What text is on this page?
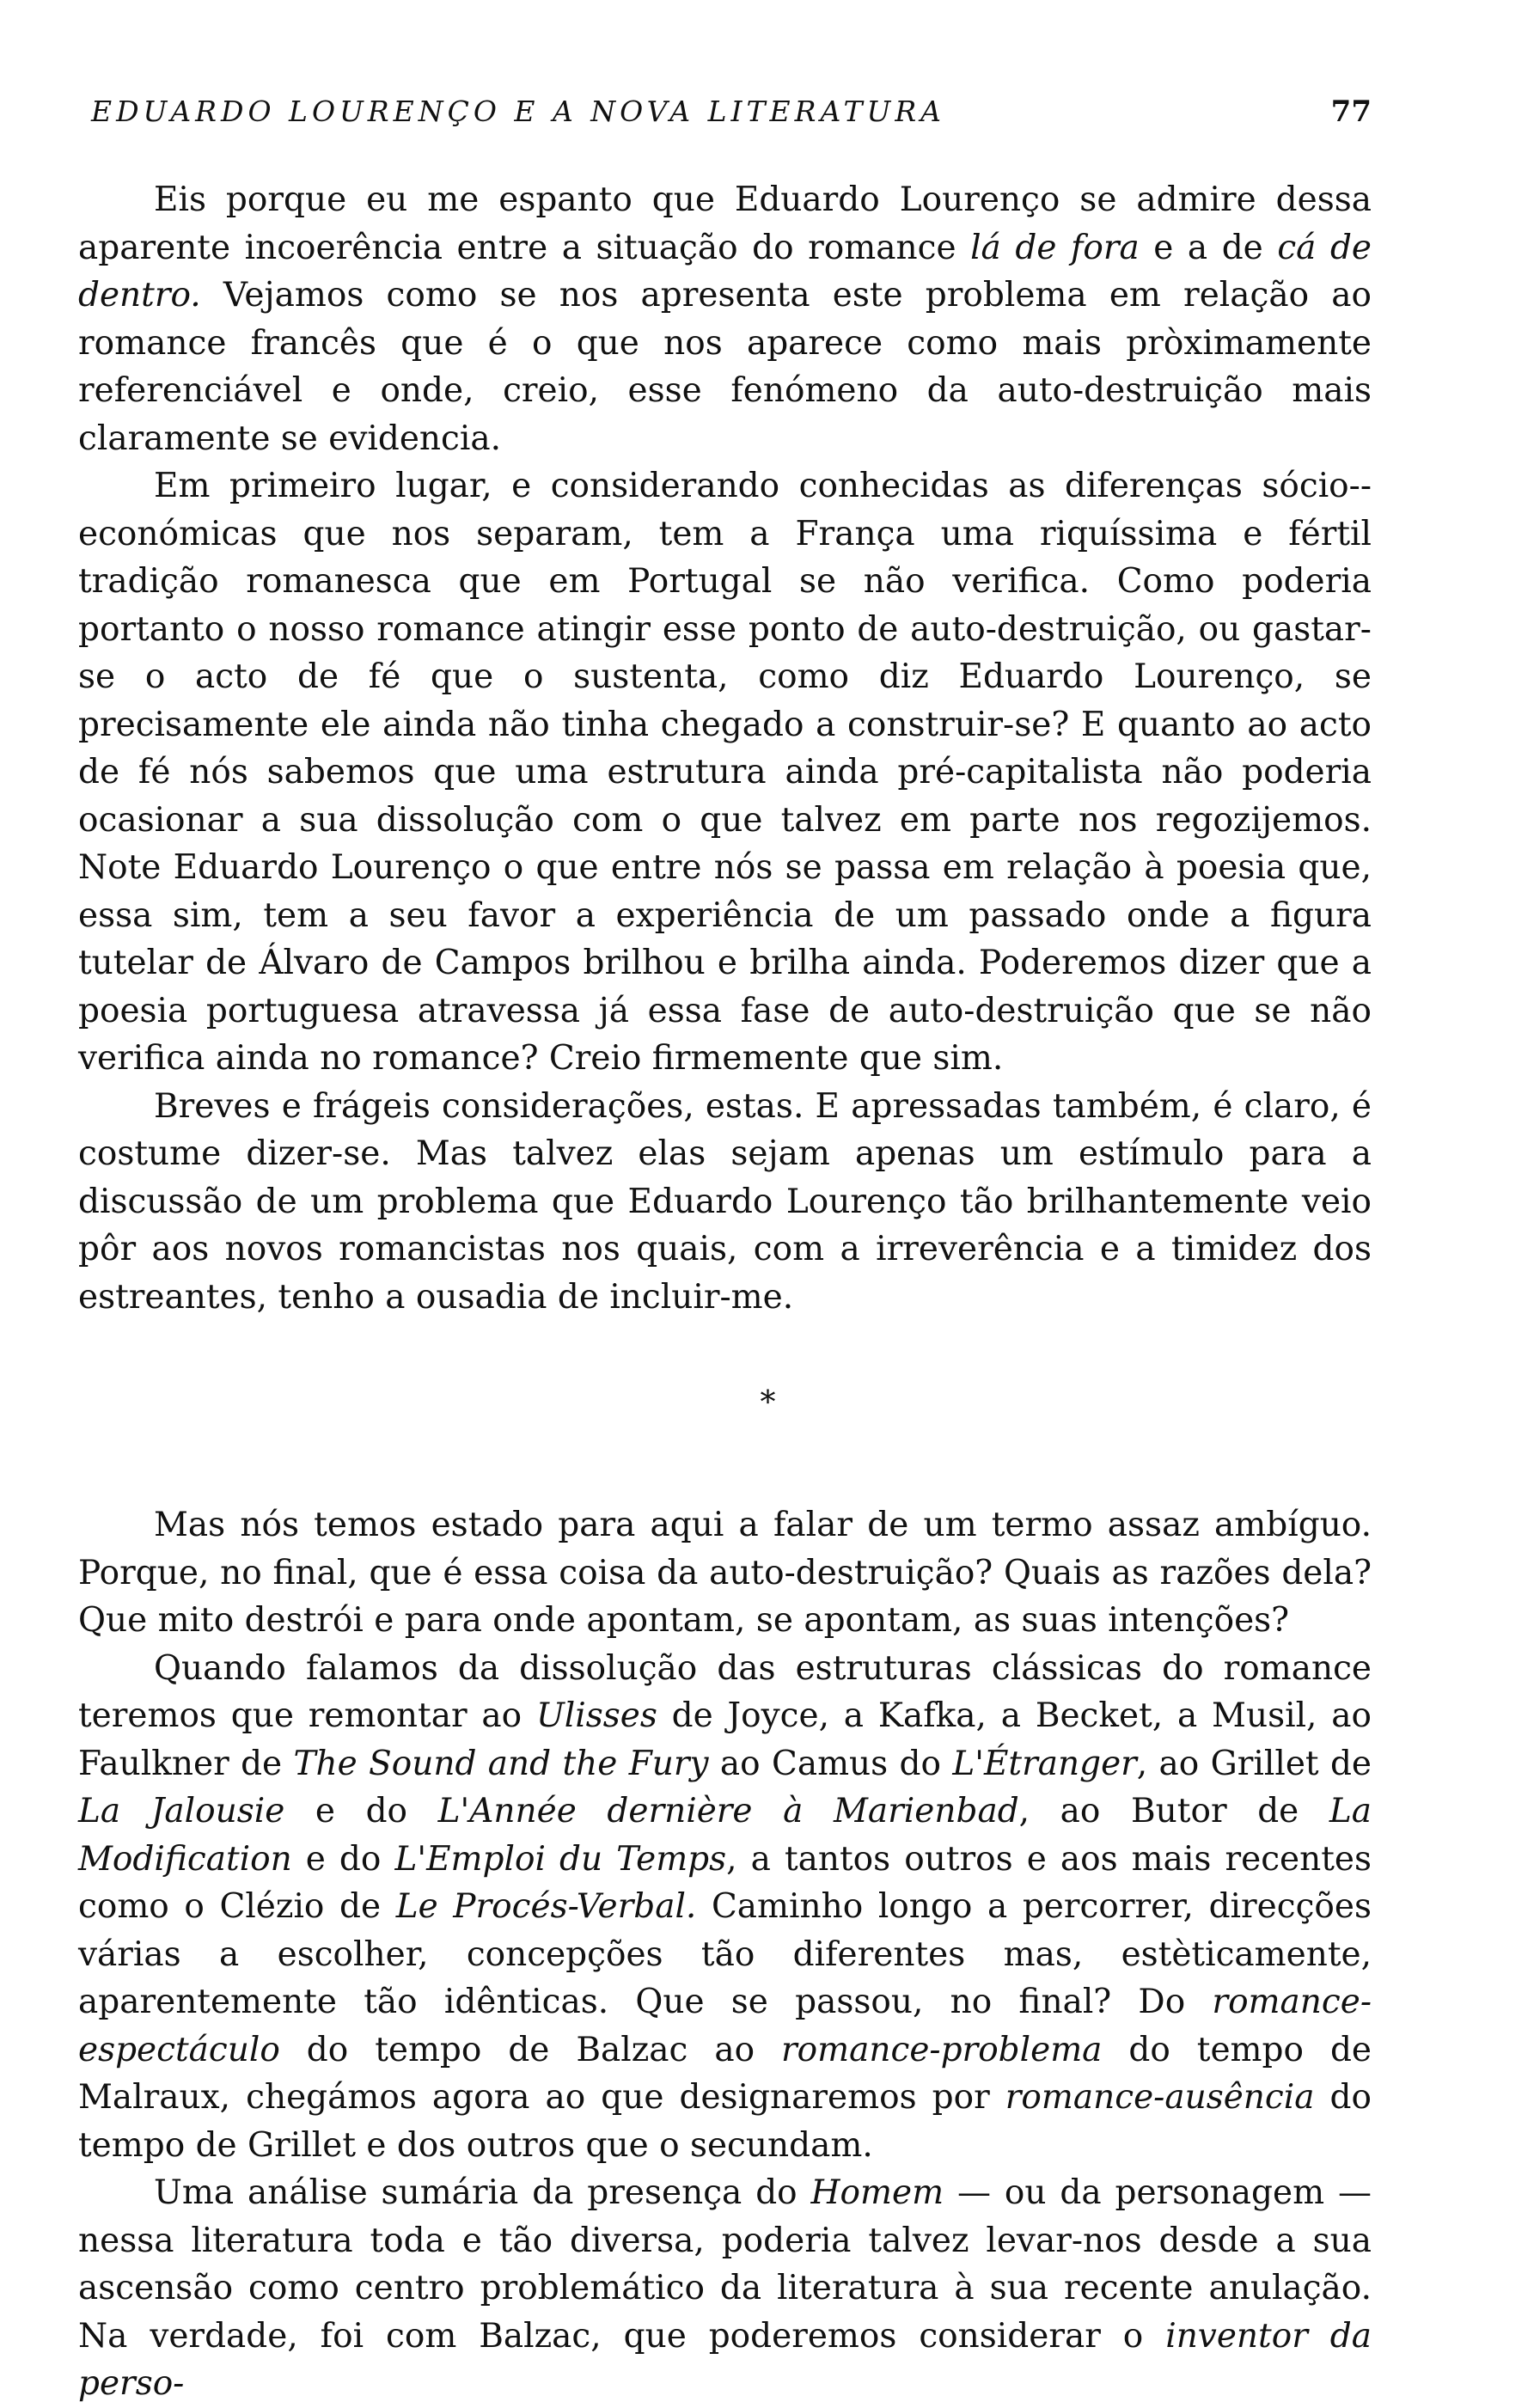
EDUARDO LOURENÇO E A NOVA LITERATURA	77

Eis porque eu me espanto que Eduardo Lourenço se admire dessa aparente incoerência entre a situação do romance lá de fora e a de cá de dentro. Vejamos como se nos apresenta este problema em relação ao romance francês que é o que nos aparece como mais pròximamente referenciável e onde, creio, esse fenómeno da auto-destruição mais claramente se evidencia.

Em primeiro lugar, e considerando conhecidas as diferenças sócio--económicas que nos separam, tem a França uma riquíssima e fértil tradição romanesca que em Portugal se não verifica. Como poderia portanto o nosso romance atingir esse ponto de auto-destruição, ou gastar-se o acto de fé que o sustenta, como diz Eduardo Lourenço, se precisamente ele ainda não tinha chegado a construir-se? E quanto ao acto de fé nós sabemos que uma estrutura ainda pré-capitalista não poderia ocasionar a sua dissolução com o que talvez em parte nos regozijemos. Note Eduardo Lourenço o que entre nós se passa em relação à poesia que, essa sim, tem a seu favor a experiência de um passado onde a figura tutelar de Álvaro de Campos brilhou e brilha ainda. Poderemos dizer que a poesia portuguesa atravessa já essa fase de auto-destruição que se não verifica ainda no romance? Creio firmemente que sim.

Breves e frágeis considerações, estas. E apressadas também, é claro, é costume dizer-se. Mas talvez elas sejam apenas um estímulo para a discussão de um problema que Eduardo Lourenço tão brilhantemente veio pôr aos novos romancistas nos quais, com a irreverência e a timidez dos estreantes, tenho a ousadia de incluir-me.

*

Mas nós temos estado para aqui a falar de um termo assaz ambíguo. Porque, no final, que é essa coisa da auto-destruição? Quais as razões dela? Que mito destrói e para onde apontam, se apontam, as suas intenções?

Quando falamos da dissolução das estruturas clássicas do romance teremos que remontar ao Ulisses de Joyce, a Kafka, a Becket, a Musil, ao Faulkner de The Sound and the Fury ao Camus do L'Étranger, ao Grillet de La Jalousie e do L'Année dernière à Marienbad, ao Butor de La Modification e do L'Emploi du Temps, a tantos outros e aos mais recentes como o Clézio de Le Procés-Verbal. Caminho longo a percorrer, direcções várias a escolher, concepções tão diferentes mas, estèticamente, aparentemente tão idênticas. Que se passou, no final? Do romance-espectáculo do tempo de Balzac ao romance-problema do tempo de Malraux, chegámos agora ao que designaremos por romance-ausência do tempo de Grillet e dos outros que o secundam.

Uma análise sumária da presença do Homem — ou da personagem — nessa literatura toda e tão diversa, poderia talvez levar-nos desde a sua ascensão como centro problemático da literatura à sua recente anulação. Na verdade, foi com Balzac, que poderemos considerar o inventor da perso-
